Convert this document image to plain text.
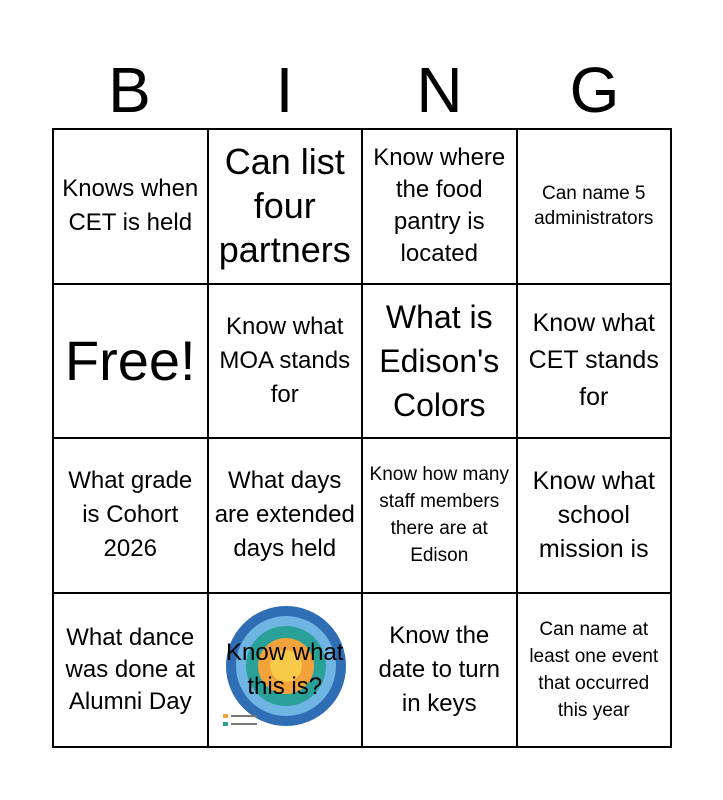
B	I	N	G
Knows when CET is held
Can list four partners
Know where the food pantry is located
Can name 5 administrators
Free!
Know what MOA stands for
What is Edison's Colors
Know what CET stands for
What grade is Cohort 2026
What days are extended days held
Know how many staff members there are at Edison
Know what school mission is
What dance was done at Alumni Day
Know what this is?
Know the date to turn in keys
Can name at least one event that occurred this year
